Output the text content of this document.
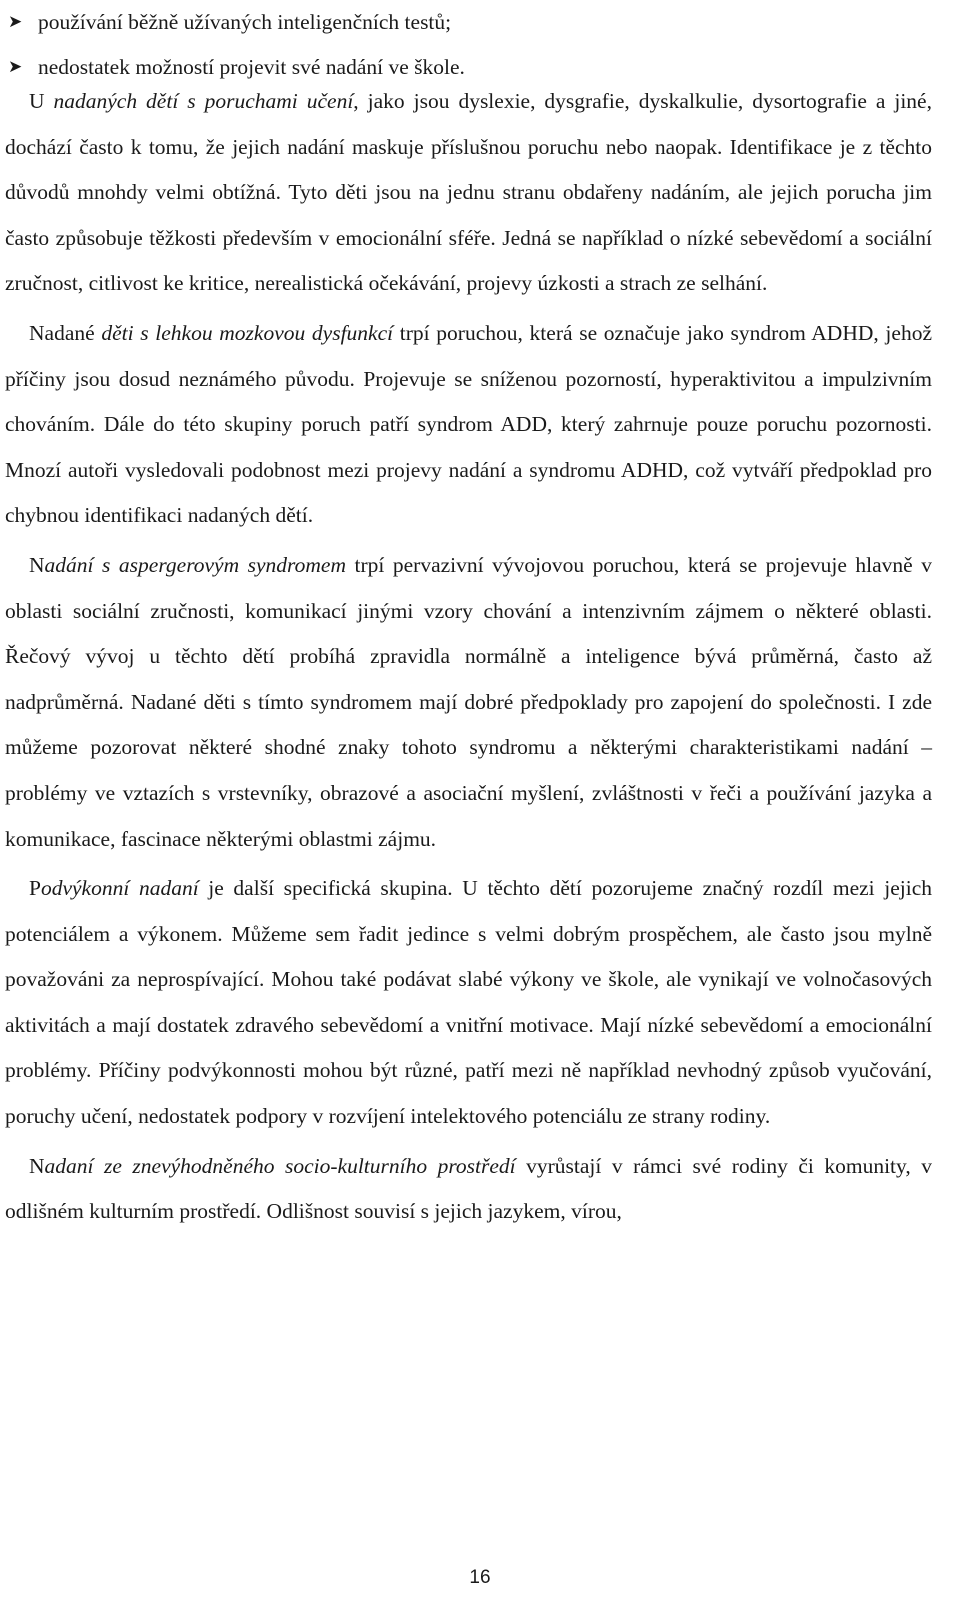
➤ používání běžně užívaných inteligenčních testů;
➤ nedostatek možností projevit své nadání ve škole.

U nadaných dětí s poruchami učení, jako jsou dyslexie, dysgrafie, dyskalkulie, dysortografie a jiné, dochází často k tomu, že jejich nadání maskuje příslušnou poruchu nebo naopak. Identifikace je z těchto důvodů mnohdy velmi obtížná. Tyto děti jsou na jednu stranu obdařeny nadáním, ale jejich porucha jim často způsobuje těžkosti především v emocionální sféře. Jedná se například o nízké sebevědomí a sociální zručnost, citlivost ke kritice, nerealistická očekávání, projevy úzkosti a strach ze selhání.

Nadané děti s lehkou mozkovou dysfunkcí trpí poruchou, která se označuje jako syndrom ADHD, jehož příčiny jsou dosud neznámého původu. Projevuje se sníženou pozorností, hyperaktivitou a impulzivním chováním. Dále do této skupiny poruch patří syndrom ADD, který zahrnuje pouze poruchu pozornosti. Mnozí autoři vysledovali podobnost mezi projevy nadání a syndromu ADHD, což vytváří předpoklad pro chybnou identifikaci nadaných dětí.

Nadání s aspergerovým syndromem trpí pervazivní vývojovou poruchou, která se projevuje hlavně v oblasti sociální zručnosti, komunikací jinými vzory chování a intenzivním zájmem o některé oblasti. Řečový vývoj u těchto dětí probíhá zpravidla normálně a inteligence bývá průměrná, často až nadprůměrná. Nadané děti s tímto syndromem mají dobré předpoklady pro zapojení do společnosti. I zde můžeme pozorovat některé shodné znaky tohoto syndromu a některými charakteristikami nadání – problémy ve vztazích s vrstevníky, obrazové a asociační myšlení, zvláštnosti v řeči a používání jazyka a komunikace, fascinace některými oblastmi zájmu.

Podvýkonní nadaní je další specifická skupina. U těchto dětí pozorujeme značný rozdíl mezi jejich potenciálem a výkonem. Můžeme sem řadit jedince s velmi dobrým prospěchem, ale často jsou mylně považováni za neprospívající. Mohou také podávat slabé výkony ve škole, ale vynikají ve volnočasových aktivitách a mají dostatek zdravého sebevědomí a vnitřní motivace. Mají nízké sebevědomí a emocionální problémy. Příčiny podvýkonnosti mohou být různé, patří mezi ně například nevhodný způsob vyučování, poruchy učení, nedostatek podpory v rozvíjení intelektového potenciálu ze strany rodiny.

Nadaní ze znevýhodněného socio-kulturního prostředí vyrůstají v rámci své rodiny či komunity, v odlišném kulturním prostředí. Odlišnost souvisí s jejich jazykem, vírou,

16
